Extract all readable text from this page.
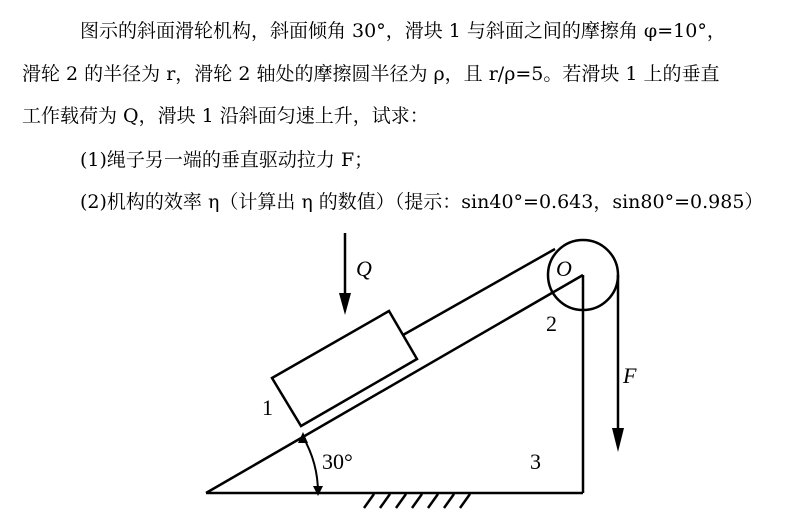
图示的斜面滑轮机构，斜面倾角 30°，滑块 1 与斜面之间的摩擦角 φ=10°，
滑轮 2 的半径为 r，滑轮 2 轴处的摩擦圆半径为 ρ，且 r/ρ=5。若滑块 1 上的垂直
工作载荷为 Q，滑块 1 沿斜面匀速上升，试求：
(1)绳子另一端的垂直驱动拉力 F；
(2)机构的效率 η（计算出 η 的数值）（提示：sin40°=0.643，sin80°=0.985）
Q	O
2
F
1
30°	3
